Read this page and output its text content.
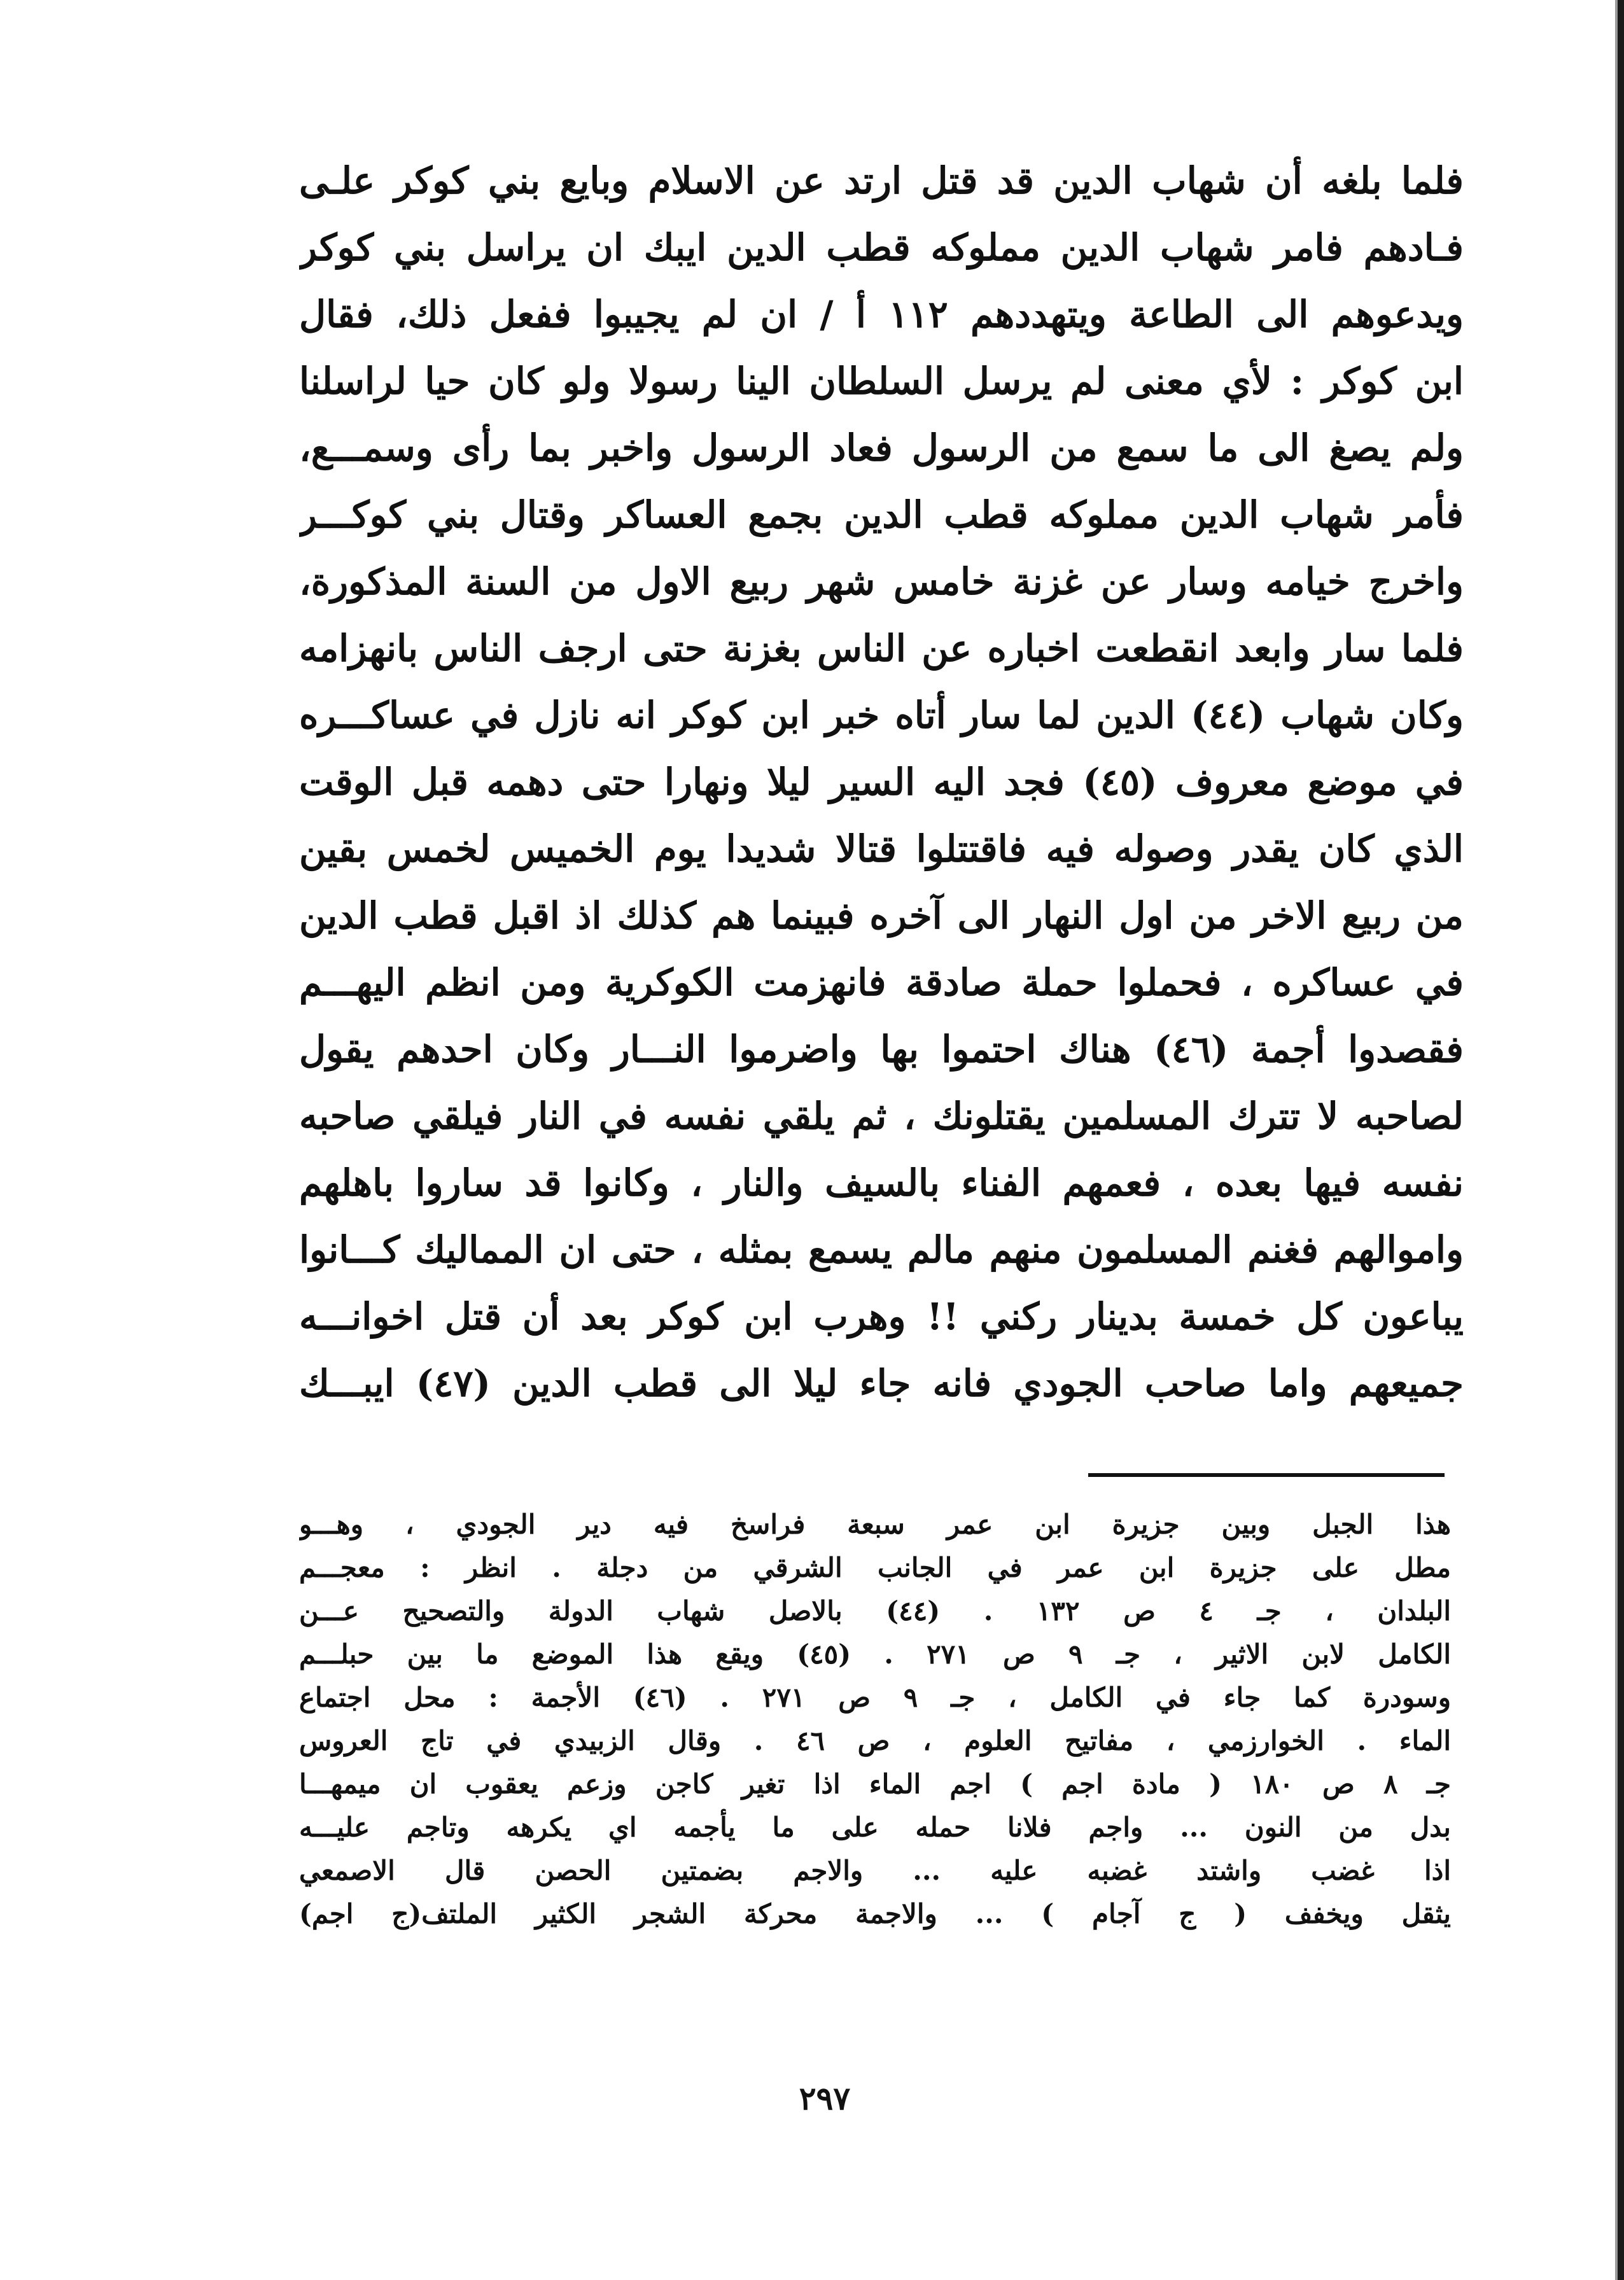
فلما بلغه أن شهاب الدين قد قتل ارتد عن الاسلام وبايع بني كوكر علـى
فـادهم فامر شهاب الدين مملوكه قطب الدين ايبك ان يراسل بني كوكر
ويدعوهم الى الطاعة ويتهددهم ١١٢ أ / ان لم يجيبوا ففعل ذلك، فقال
ابن كوكر : لأي معنى لم يرسل السلطان الينا رسولا ولو كان حيا لراسلنا
ولم يصغ الى ما سمع من الرسول فعاد الرسول واخبر بما رأى وسمـــع،
فأمر شهاب الدين مملوكه قطب الدين بجمع العساكر وقتال بني كوكـــر
واخرج خيامه وسار عن غزنة خامس شهر ربيع الاول من السنة المذكورة،
فلما سار وابعد انقطعت اخباره عن الناس بغزنة حتى ارجف الناس بانهزامه
وكان شهاب (٤٤) الدين لما سار أتاه خبر ابن كوكر انه نازل في عساكـــره
في موضع معروف (٤٥) فجد اليه السير ليلا ونهارا حتى دهمه قبل الوقت
الذي كان يقدر وصوله فيه فاقتتلوا قتالا شديدا يوم الخميس لخمس بقين
من ربيع الاخر من اول النهار الى آخره فبينما هم كذلك اذ اقبل قطب الدين
في عساكره ، فحملوا حملة صادقة فانهزمت الكوكرية ومن انظم اليهـــم
فقصدوا أجمة (٤٦) هناك احتموا بها واضرموا النـــار وكان احدهم يقول
لصاحبه لا تترك المسلمين يقتلونك ، ثم يلقي نفسه في النار فيلقي صاحبه
نفسه فيها بعده ، فعمهم الفناء بالسيف والنار ، وكانوا قد ساروا باهلهم
واموالهم فغنم المسلمون منهم مالم يسمع بمثله ، حتى ان المماليك كـــانوا
يباعون كل خمسة بدينار ركني !! وهرب ابن كوكر بعد أن قتل اخوانـــه
جميعهم واما صاحب الجودي فانه جاء ليلا الى قطب الدين (٤٧) ايبـــك
هذا الجبل وبين جزيرة ابن عمر سبعة فراسخ فيه دير الجودي ، وهـــو
مطل على جزيرة ابن عمر في الجانب الشرقي من دجلة . انظر : معجـــم
البلدان ، جـ ٤ ص ١٣٢ . (٤٤) بالاصل شهاب الدولة والتصحيح عـــن
الكامل لابن الاثير ، جـ ٩ ص ٢٧١ . (٤٥) ويقع هذا الموضع ما بين حبلـــم
وسودرة كما جاء في الكامل ، جـ ٩ ص ٢٧١ . (٤٦) الأجمة : محل اجتماع
الماء . الخوارزمي ، مفاتيح العلوم ، ص ٤٦ . وقال الزبيدي في تاج العروس
جـ ٨ ص ١٨٠ ( مادة اجم ) اجم الماء اذا تغير كاجن وزعم يعقوب ان ميمهـــا
بدل من النون ... واجم فلانا حمله على ما يأجمه اي يكرهه وتاجم عليـــه
اذا غضب واشتد غضبه عليه ... والاجم بضمتين الحصن قال الاصمعي
يثقل ويخفف ( ج آجام ) ... والاجمة محركة الشجر الكثير الملتف(ج اجم)
٢٩٧
